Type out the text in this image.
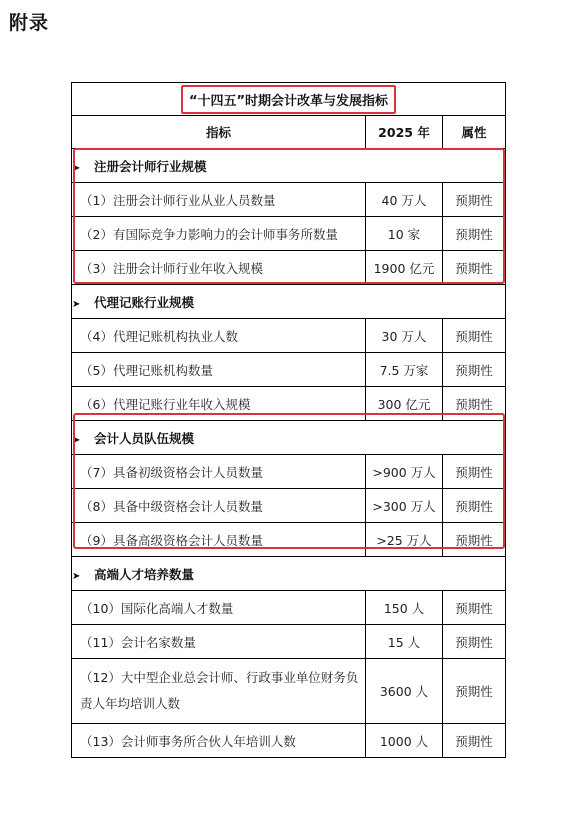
附录
“十四五”时期会计改革与发展指标		
指标	2025 年	属性
➤ 注册会计师行业规模		
（1）注册会计师行业从业人员数量	40 万人	预期性
（2）有国际竞争力影响力的会计师事务所数量	10 家	预期性
（3）注册会计师行业年收入规模	1900 亿元	预期性
➤ 代理记账行业规模		
（4）代理记账机构执业人数	30 万人	预期性
（5）代理记账机构数量	7.5 万家	预期性
（6）代理记账行业年收入规模	300 亿元	预期性
➤ 会计人员队伍规模		
（7）具备初级资格会计人员数量	>900 万人	预期性
（8）具备中级资格会计人员数量	>300 万人	预期性
（9）具备高级资格会计人员数量	>25 万人	预期性
➤ 高端人才培养数量		
（10）国际化高端人才数量	150 人	预期性
（11）会计名家数量	15 人	预期性
（12）大中型企业总会计师、行政事业单位财务负责人年均培训人数	3600 人	预期性
（13）会计师事务所合伙人年培训人数	1000 人	预期性
